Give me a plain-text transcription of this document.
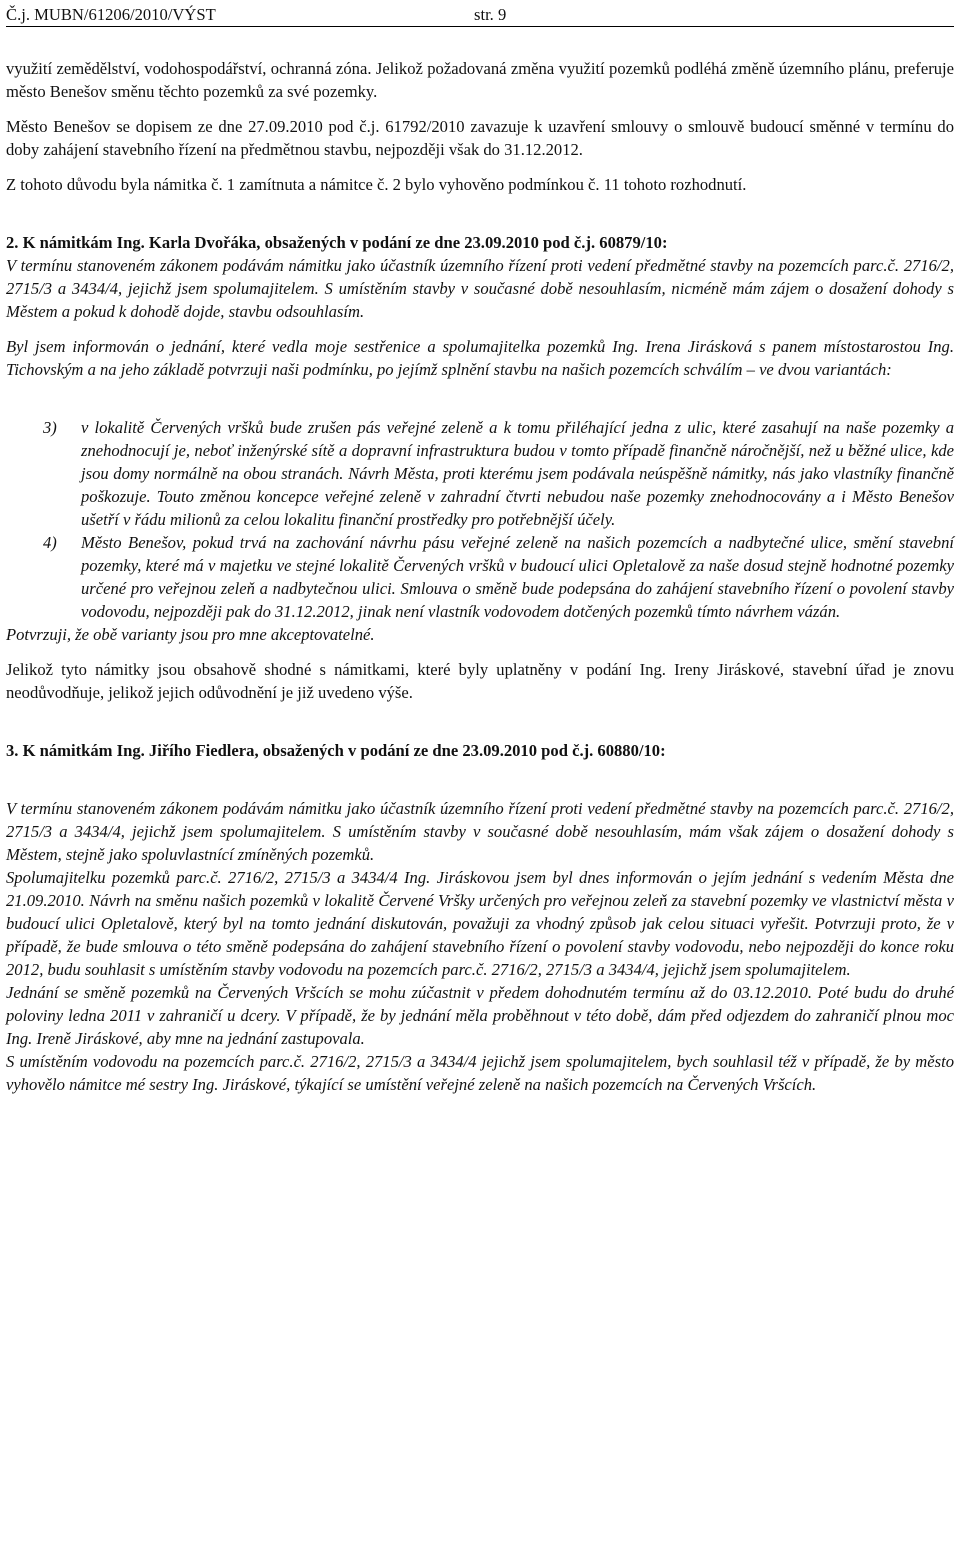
Č.j. MUBN/61206/2010/VÝST	str. 9

využití zemědělství, vodohospodářství, ochranná zóna. Jelikož požadovaná změna využití pozemků podléhá změně územního plánu, preferuje město Benešov směnu těchto pozemků za své pozemky.

Město Benešov se dopisem ze dne 27.09.2010 pod č.j. 61792/2010 zavazuje k uzavření smlouvy o smlouvě budoucí směnné v termínu do doby zahájení stavebního řízení na předmětnou stavbu, nejpozději však do 31.12.2012.

Z tohoto důvodu byla námitka č. 1 zamítnuta a námitce č. 2 bylo vyhověno podmínkou č. 11 tohoto rozhodnutí.

2. K námitkám Ing. Karla Dvořáka, obsažených v podání ze dne 23.09.2010 pod č.j. 60879/10:

V termínu stanoveném zákonem podávám námitku jako účastník územního řízení proti vedení předmětné stavby na pozemcích parc.č. 2716/2, 2715/3 a 3434/4, jejichž jsem spolumajitelem. S umístěním stavby v současné době nesouhlasím, nicméně mám zájem o dosažení dohody s Městem a pokud k dohodě dojde, stavbu odsouhlasím.

Byl jsem informován o jednání, které vedla moje sestřenice a spolumajitelka pozemků Ing. Irena Jirásková s panem místostarostou Ing. Tichovským a na jeho základě potvrzuji naši podmínku, po jejímž splnění stavbu na našich pozemcích schválím – ve dvou variantách:

3) v lokalitě Červených vršků bude zrušen pás veřejné zeleně a k tomu přiléhající jedna z ulic, které zasahují na naše pozemky a znehodnocují je, neboť inženýrské sítě a dopravní infrastruktura budou v tomto případě finančně náročnější, než u běžné ulice, kde jsou domy normálně na obou stranách. Návrh Města, proti kterému jsem podávala neúspěšně námitky, nás jako vlastníky finančně poškozuje. Touto změnou koncepce veřejné zeleně v zahradní čtvrti nebudou naše pozemky znehodnocovány a i Město Benešov ušetří v řádu milionů za celou lokalitu finanční prostředky pro potřebnější účely.
4) Město Benešov, pokud trvá na zachování návrhu pásu veřejné zeleně na našich pozemcích a nadbytečné ulice, smění stavební pozemky, které má v majetku ve stejné lokalitě Červených vršků v budoucí ulici Opletalově za naše dosud stejně hodnotné pozemky určené pro veřejnou zeleň a nadbytečnou ulici. Smlouva o směně bude podepsána do zahájení stavebního řízení o povolení stavby vodovodu, nejpozději pak do 31.12.2012, jinak není vlastník vodovodem dotčených pozemků tímto návrhem vázán.

Potvrzuji, že obě varianty jsou pro mne akceptovatelné.

Jelikož tyto námitky jsou obsahově shodné s námitkami, které byly uplatněny v podání Ing. Ireny Jiráskové, stavební úřad je znovu neodůvodňuje, jelikož jejich odůvodnění je již uvedeno výše.

3. K námitkám Ing. Jiřího Fiedlera, obsažených v podání ze dne 23.09.2010 pod č.j. 60880/10:

V termínu stanoveném zákonem podávám námitku jako účastník územního řízení proti vedení předmětné stavby na pozemcích parc.č. 2716/2, 2715/3 a 3434/4, jejichž jsem spolumajitelem. S umístěním stavby v současné době nesouhlasím, mám však zájem o dosažení dohody s Městem, stejně jako spoluvlastnící zmíněných pozemků.

Spolumajitelku pozemků parc.č. 2716/2, 2715/3 a 3434/4 Ing. Jiráskovou jsem byl dnes informován o jejím jednání s vedením Města dne 21.09.2010. Návrh na směnu našich pozemků v lokalitě Červené Vršky určených pro veřejnou zeleň za stavební pozemky ve vlastnictví města v budoucí ulici Opletalově, který byl na tomto jednání diskutován, považuji za vhodný způsob jak celou situaci vyřešit. Potvrzuji proto, že v případě, že bude smlouva o této směně podepsána do zahájení stavebního řízení o povolení stavby vodovodu, nebo nejpozději do konce roku 2012, budu souhlasit s umístěním stavby vodovodu na pozemcích parc.č. 2716/2, 2715/3 a 3434/4, jejichž jsem spolumajitelem.

Jednání se směně pozemků na Červených Vršcích se mohu zúčastnit v předem dohodnutém termínu až do 03.12.2010. Poté budu do druhé poloviny ledna 2011 v zahraničí u dcery. V případě, že by jednání měla proběhnout v této době, dám před odjezdem do zahraničí plnou moc Ing. Ireně Jiráskové, aby mne na jednání zastupovala.

S umístěním vodovodu na pozemcích parc.č. 2716/2, 2715/3 a 3434/4 jejichž jsem spolumajitelem, bych souhlasil též v případě, že by město vyhovělo námitce mé sestry Ing. Jiráskové, týkající se umístění veřejné zeleně na našich pozemcích na Červených Vršcích.
